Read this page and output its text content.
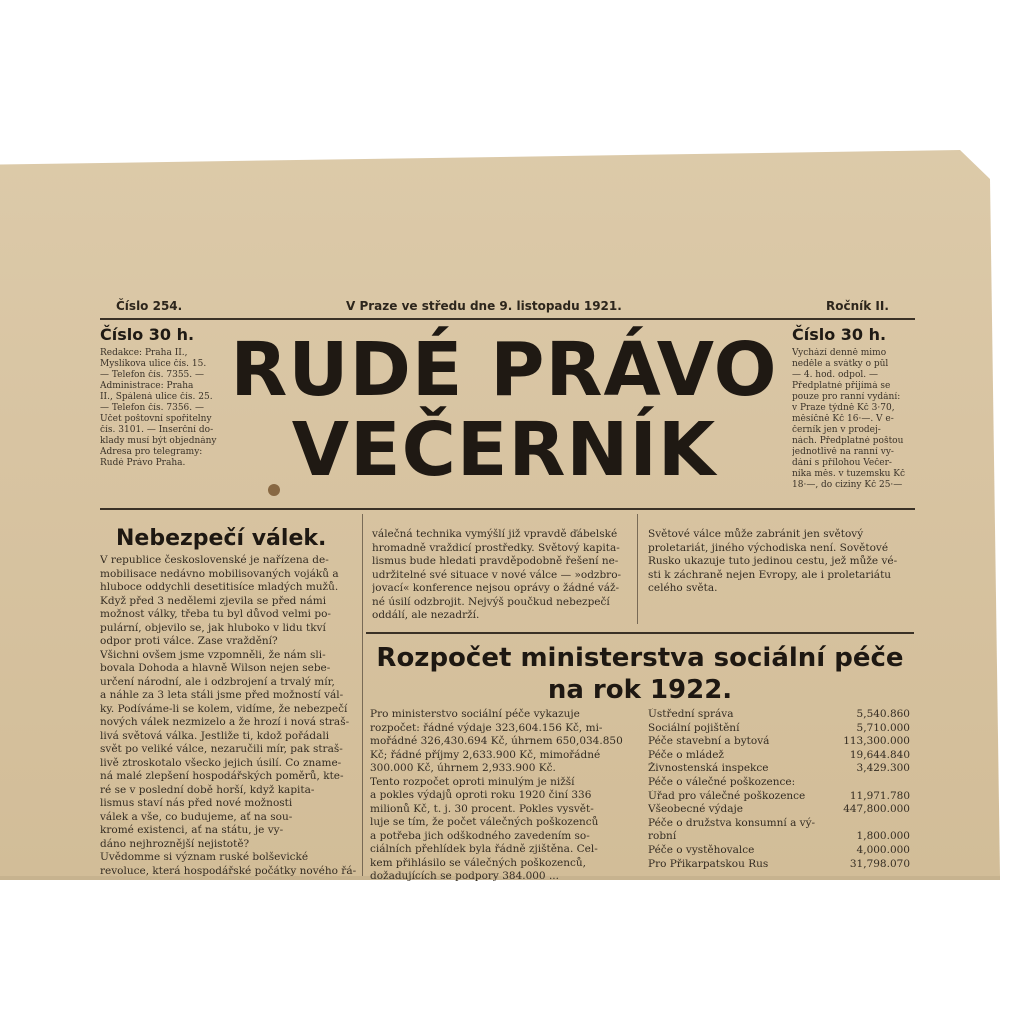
Číslo 254.	V Praze ve středu dne 9. listopadu 1921.	Ročník II.
Číslo 30 h.
Redakce: Praha II.,
Myslíkova ulice čís. 15.
— Telefon čís. 7355. —
Administrace: Praha
II., Spálená ulice čís. 25.
— Telefon čís. 7356. —
Účet poštovní spořitelny
čís. 3101. — Inserční do-
klady musí být objednány
Adresa pro telegramy:
Rudé Právo Praha.
RUDÉ PRÁVO
VEČERNÍK
Číslo 30 h.
Vychází denně mimo
neděle a svátky o půl
— 4. hod. odpol. —
Předplatné přijímá se
pouze pro ranní vydání:
v Praze týdně Kč 3·70,
měsíčně Kč 16·—. V e-
černík jen v prodej-
nách. Předplatné poštou
jednotlivě na ranní vy-
dání s přílohou Večer-
níka měs. v tuzemsku Kč
18·—, do ciziny Kč 25·—
Nebezpečí válek.
V republice československé je nařízena de-
mobilisace nedávno mobilisovaných vojáků a
hluboce oddychli desetitisíce mladých mužů.
Když před 3 nedělemi zjevila se před námi
možnost války, třeba tu byl důvod velmi po-
pulární, objevilo se, jak hluboko v lidu tkví
odpor proti válce. Zase vraždění?
Všichni ovšem jsme vzpomněli, že nám sli-
bovala Dohoda a hlavně Wilson nejen sebe-
určení národní, ale i odzbrojení a trvalý mír,
a náhle za 3 leta stáli jsme před možností vál-
ky. Podíváme-li se kolem, vidíme, že nebezpečí
nových válek nezmizelo a že hrozí i nová straš-
livá světová válka. Jestliže ti, kdož pořádali
svět po veliké válce, nezaručili mír, pak straš-
livě ztroskotalo všecko jejich úsilí. Co zname-
ná malé zlepšení hospodářských poměrů, kte-
ré se v poslední době horší, když kapita-
lismus staví nás před nové možnosti
válek a vše, co budujeme, ať na sou-
kromé existenci, ať na státu, je vy-
dáno nejhroznější nejistotě?
Uvědomme si význam ruské bolševické
revoluce, která hospodářské počátky nového řá-
válečná technika vymýšlí již vpravdě ďábelské
hromadně vraždicí prostředky. Světový kapita-
lismus bude hledati pravděpodobně řešení ne-
udržitelné své situace v nové válce — »odzbro-
jovací« konference nejsou oprávy o žádné váž-
né úsilí odzbrojit. Nejvýš poučkud nebezpečí
oddálí, ale nezadrží.
Světové válce může zabránit jen světový
proletariát, jiného východiska není. Sovětové
Rusko ukazuje tuto jedinou cestu, jež může vé-
sti k záchraně nejen Evropy, ale i proletariátu
celého světa.
Rozpočet ministerstva sociální péče
na rok 1922.
Pro ministerstvo sociální péče vykazuje
rozpočet: řádné výdaje 323,604.156 Kč, mi-
mořádné 326,430.694 Kč, úhrnem 650,034.850
Kč; řádné příjmy 2,633.900 Kč, mimořádné
300.000 Kč, úhrnem 2,933.900 Kč.
Tento rozpočet oproti minulým je nižší
a pokles výdajů oproti roku 1920 činí 336
milionů Kč, t. j. 30 procent. Pokles vysvět-
luje se tím, že počet válečných poškozenců
a potřeba jich odškodného zavedením so-
ciálních přehlídek byla řádně zjištěna. Cel-
kem přihlásilo se válečných poškozenců,
dožadujících se podpory 384.000 ...
Ústřední správa	5,540.860
Sociální pojištění	5,710.000
Péče stavební a bytová	113,300.000
Péče o mládež	19,644.840
Živnostenská inspekce	3,429.300
Péče o válečné poškozence:
Úřad pro válečné poškozence	11,971.780
Všeobecné výdaje	447,800.000
Péče o družstva konsumní a vý-
robní	1,800.000
Péče o vystěhovalce	4,000.000
Pro Přikarpatskou Rus	31,798.070
